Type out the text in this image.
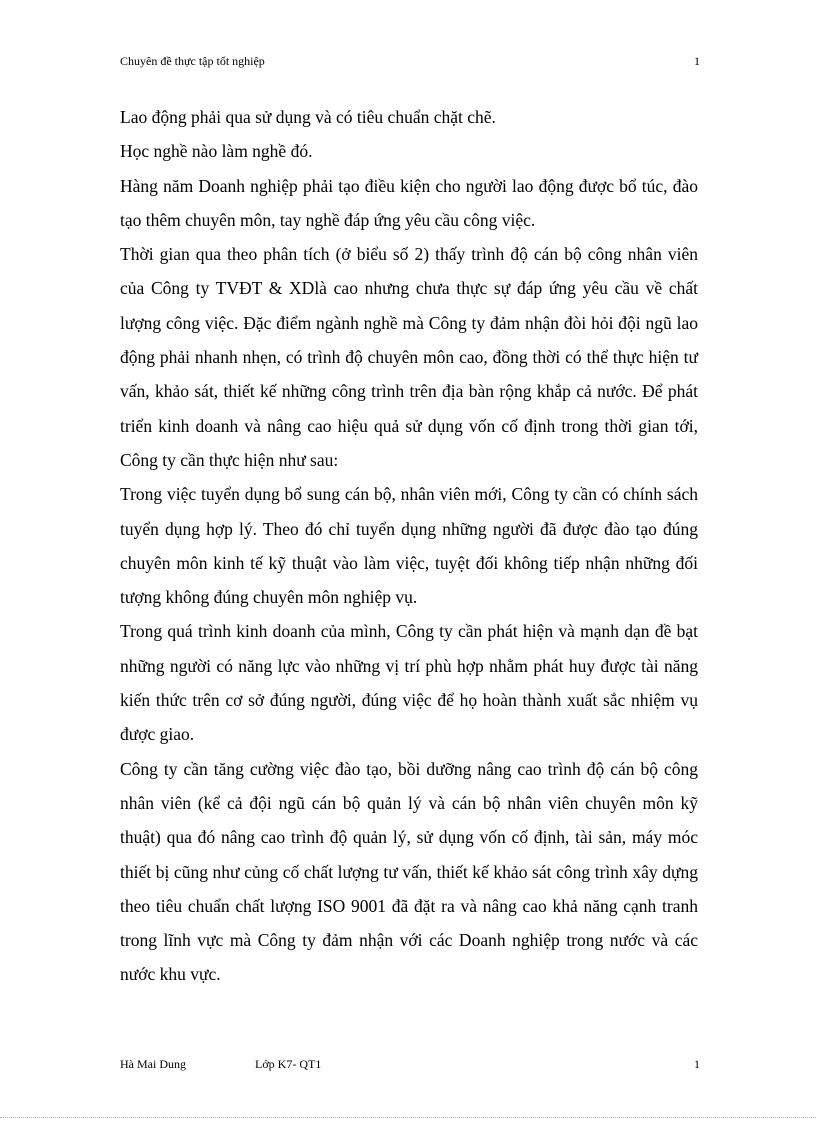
Chuyên đề thực tập tốt nghiệp	1

Lao động phải qua sử dụng và có tiêu chuẩn chặt chẽ.

Học nghề nào làm nghề đó.

Hàng năm Doanh nghiệp phải tạo điều kiện cho người lao động được bổ túc, đào tạo thêm chuyên môn, tay nghề đáp ứng yêu cầu công việc.

Thời gian qua theo phân tích (ở biểu số 2) thấy trình độ cán bộ công nhân viên của Công ty TVĐT & XDlà cao nhưng chưa thực sự đáp ứng yêu cầu về chất lượng công việc. Đặc điểm ngành nghề mà Công ty đảm nhận đòi hỏi đội ngũ lao động phải nhanh nhẹn, có trình độ chuyên môn cao, đồng thời có thể thực hiện tư vấn, khảo sát, thiết kế những công trình trên địa bàn rộng khắp cả nước. Để phát triển kinh doanh và nâng cao hiệu quả sử dụng vốn cố định trong thời gian tới, Công ty cần thực hiện như sau:

Trong việc tuyển dụng bổ sung cán bộ, nhân viên mới, Công ty cần có chính sách tuyển dụng hợp lý. Theo đó chỉ tuyển dụng những người đã được đào tạo đúng chuyên môn kinh tế kỹ thuật vào làm việc, tuyệt đối không tiếp nhận những đối tượng không đúng chuyên môn nghiệp vụ.

Trong quá trình kinh doanh của mình, Công ty cần phát hiện và mạnh dạn đề bạt những người có năng lực vào những vị trí phù hợp nhằm phát huy được tài năng kiến thức trên cơ sở đúng người, đúng việc để họ hoàn thành xuất sắc nhiệm vụ được giao.

Công ty cần tăng cường việc đào tạo, bồi dưỡng nâng cao trình độ cán bộ công nhân viên (kể cả đội ngũ cán bộ quản lý và cán bộ nhân viên chuyên môn kỹ thuật) qua đó nâng cao trình độ quản lý, sử dụng vốn cố định, tài sản, máy móc thiết bị cũng như củng cố chất lượng tư vấn, thiết kế khảo sát công trình xây dựng theo tiêu chuẩn chất lượng ISO 9001 đã đặt ra và nâng cao khả năng cạnh tranh trong lĩnh vực mà Công ty đảm nhận với các Doanh nghiệp trong nước và các nước khu vực.

Hà Mai Dung	Lớp K7- QT1	1
